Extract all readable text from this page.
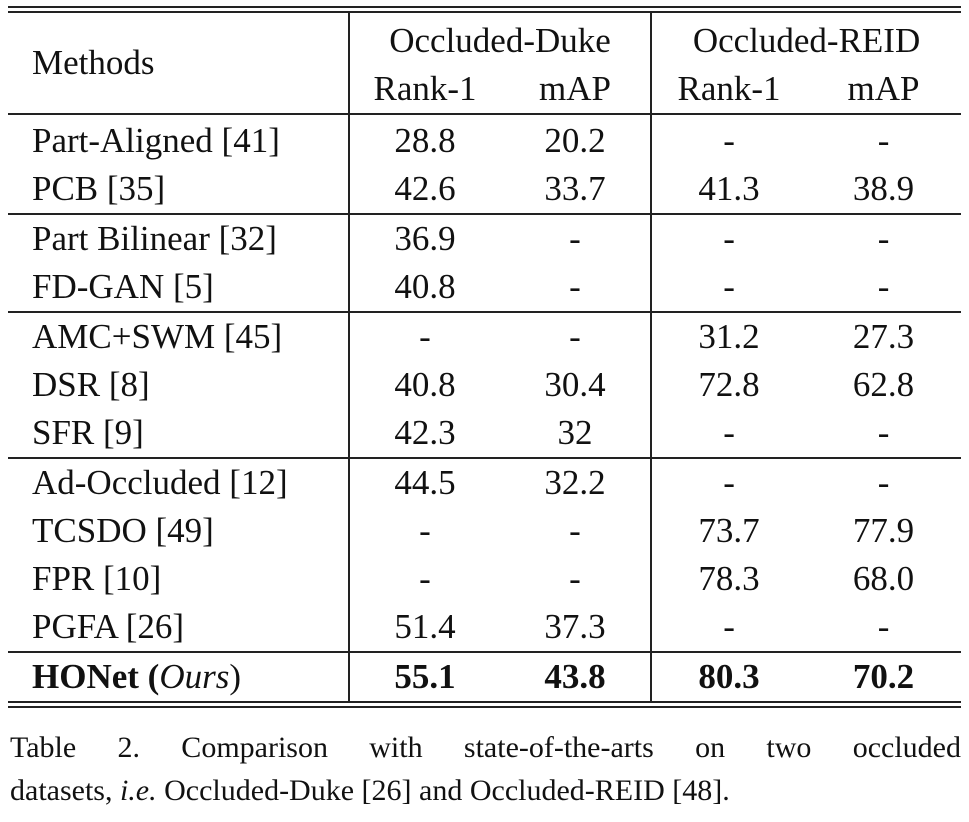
Methods	Occluded-Duke		Occluded-REID	
	Rank-1	mAP	Rank-1	mAP
Part-Aligned [41]	28.8	20.2	-	-
PCB [35]	42.6	33.7	41.3	38.9
Part Bilinear [32]	36.9	-	-	-
FD-GAN [5]	40.8	-	-	-
AMC+SWM [45]	-	-	31.2	27.3
DSR [8]	40.8	30.4	72.8	62.8
SFR [9]	42.3	32	-	-
Ad-Occluded [12]	44.5	32.2	-	-
TCSDO [49]	-	-	73.7	77.9
FPR [10]	-	-	78.3	68.0
PGFA [26]	51.4	37.3	-	-
HONet (Ours)	55.1	43.8	80.3	70.2
Table 2. Comparison with state-of-the-arts on two occluded
datasets, i.e. Occluded-Duke [26] and Occluded-REID [48].
